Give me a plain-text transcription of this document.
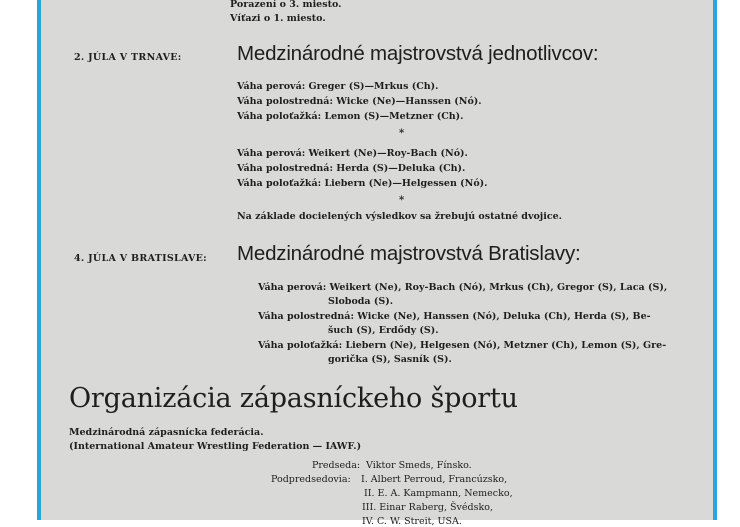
Porazení o 3. miesto.
Víťazi o 1. miesto.
2. JÚLA V TRNAVE:	Medzinárodné majstrovstvá jednotlivcov:
Váha perová: Greger (S)—Mrkus (Ch).
Váha polostredná: Wicke (Ne)—Hanssen (Nó).
Váha poloťažká: Lemon (S)—Metzner (Ch).
*
Váha perová: Weikert (Ne)—Roy-Bach (Nó).
Váha polostredná: Herda (S)—Deluka (Ch).
Váha poloťažká: Liebern (Ne)—Helgessen (Nó).
*
Na základe docielených výsledkov sa žrebujú ostatné dvojice.
4. JÚLA V BRATISLAVE: Medzinárodné majstrovstvá Bratislavy:
Váha perová: Weikert (Ne), Roy-Bach (Nó), Mrkus (Ch), Gregor (S), Laca (S),
Sloboda (S).
Váha polostredná: Wicke (Ne), Hanssen (Nó), Deluka (Ch), Herda (S), Be-
šuch (S), Erdődy (S).
Váha poloťažká: Liebern (Ne), Helgesen (Nó), Metzner (Ch), Lemon (S), Gre-
gorička (S), Sasník (S).
Organizácia zápasníckeho športu
Medzinárodná zápasnícka federácia.
(International Amateur Wrestling Federation — IAWF.)
Predseda: Viktor Smeds, Fínsko.
Podpredsedovia: I. Albert Perroud, Francúzsko,
II. E. A. Kampmann, Nemecko,
III. Einar Raberg, Švédsko,
IV. C. W. Streit, USA.
